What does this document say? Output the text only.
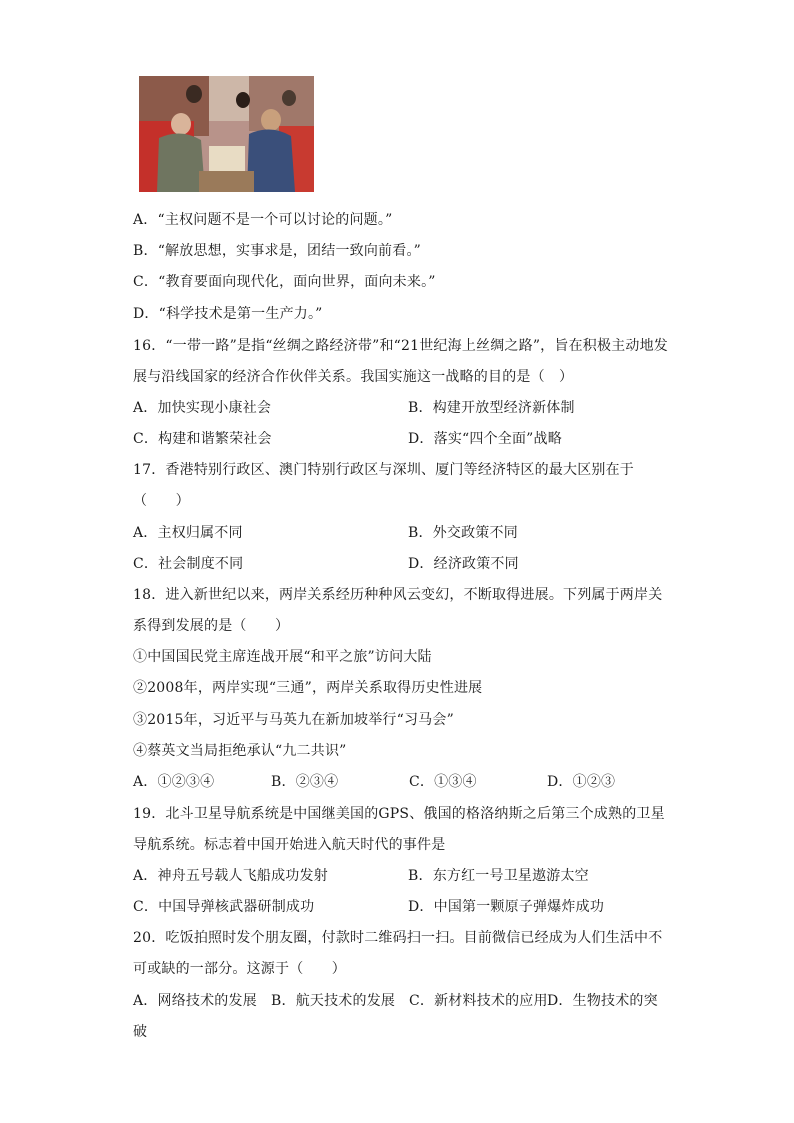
A．“主权问题不是一个可以讨论的问题。”
B．“解放思想，实事求是，团结一致向前看。”
C．“教育要面向现代化，面向世界，面向未来。”
D．“科学技术是第一生产力。”
16．“一带一路”是指“丝绸之路经济带”和“21世纪海上丝绸之路”，旨在积极主动地发
展与沿线国家的经济合作伙伴关系。我国实施这一战略的目的是（　）
A．加快实现小康社会	B．构建开放型经济新体制
C．构建和谐繁荣社会	D．落实“四个全面”战略
17．香港特别行政区、澳门特别行政区与深圳、厦门等经济特区的最大区别在于
（　　）
A．主权归属不同	B．外交政策不同
C．社会制度不同	D．经济政策不同
18．进入新世纪以来，两岸关系经历种种风云变幻，不断取得进展。下列属于两岸关
系得到发展的是（　　）
①中国国民党主席连战开展“和平之旅”访问大陆
②2008年，两岸实现“三通”，两岸关系取得历史性进展
③2015年，习近平与马英九在新加坡举行“习马会”
④蔡英文当局拒绝承认“九二共识”
A．①②③④	B．②③④	C．①③④	D．①②③
19．北斗卫星导航系统是中国继美国的GPS、俄国的格洛纳斯之后第三个成熟的卫星
导航系统。标志着中国开始进入航天时代的事件是
A．神舟五号载人飞船成功发射	B．东方红一号卫星遨游太空
C．中国导弹核武器研制成功	D．中国第一颗原子弹爆炸成功
20．吃饭拍照时发个朋友圈，付款时二维码扫一扫。目前微信已经成为人们生活中不
可或缺的一部分。这源于（　　）
A．网络技术的发展 B．航天技术的发展 C．新材料技术的应用 D．生物技术的突
破
